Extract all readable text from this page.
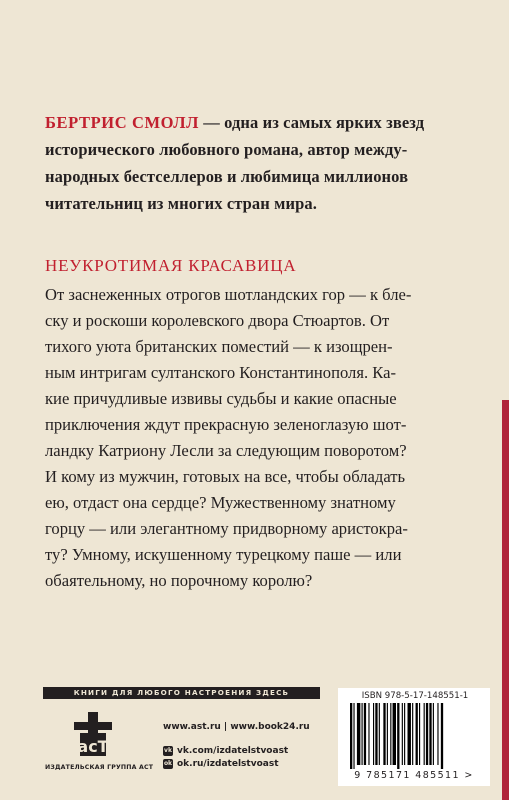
БЕРТРИС СМОЛЛ — одна из самых ярких звезд
исторического любовного романа, автор между-
народных бестселлеров и любимица миллионов
читательниц из многих стран мира.
НЕУКРОТИМАЯ КРАСАВИЦА
От заснеженных отрогов шотландских гор — к бле-
ску и роскоши королевского двора Стюартов. От
тихого уюта британских поместий — к изощрен-
ным интригам султанского Константинополя. Ка-
кие причудливые извивы судьбы и какие опасные
приключения ждут прекрасную зеленоглазую шот-
ландку Катриону Лесли за следующим поворотом?
И кому из мужчин, готовых на все, чтобы обладать
ею, отдаст она сердце? Мужественному знатному
горцу — или элегантному придворному аристокра-
ту? Умному, искушенному турецкому паше — или
обаятельному, но порочному королю?
КНИГИ ДЛЯ ЛЮБОГО НАСТРОЕНИЯ ЗДЕСЬ
acT
ИЗДАТЕЛЬСКАЯ ГРУППА АСТ
www.ast.ru | www.book24.ru
vk vk.com/izdatelstvoast
ok ok.ru/izdatelstvoast
ISBN 978-5-17-148551-1
9 785171 485511 >
